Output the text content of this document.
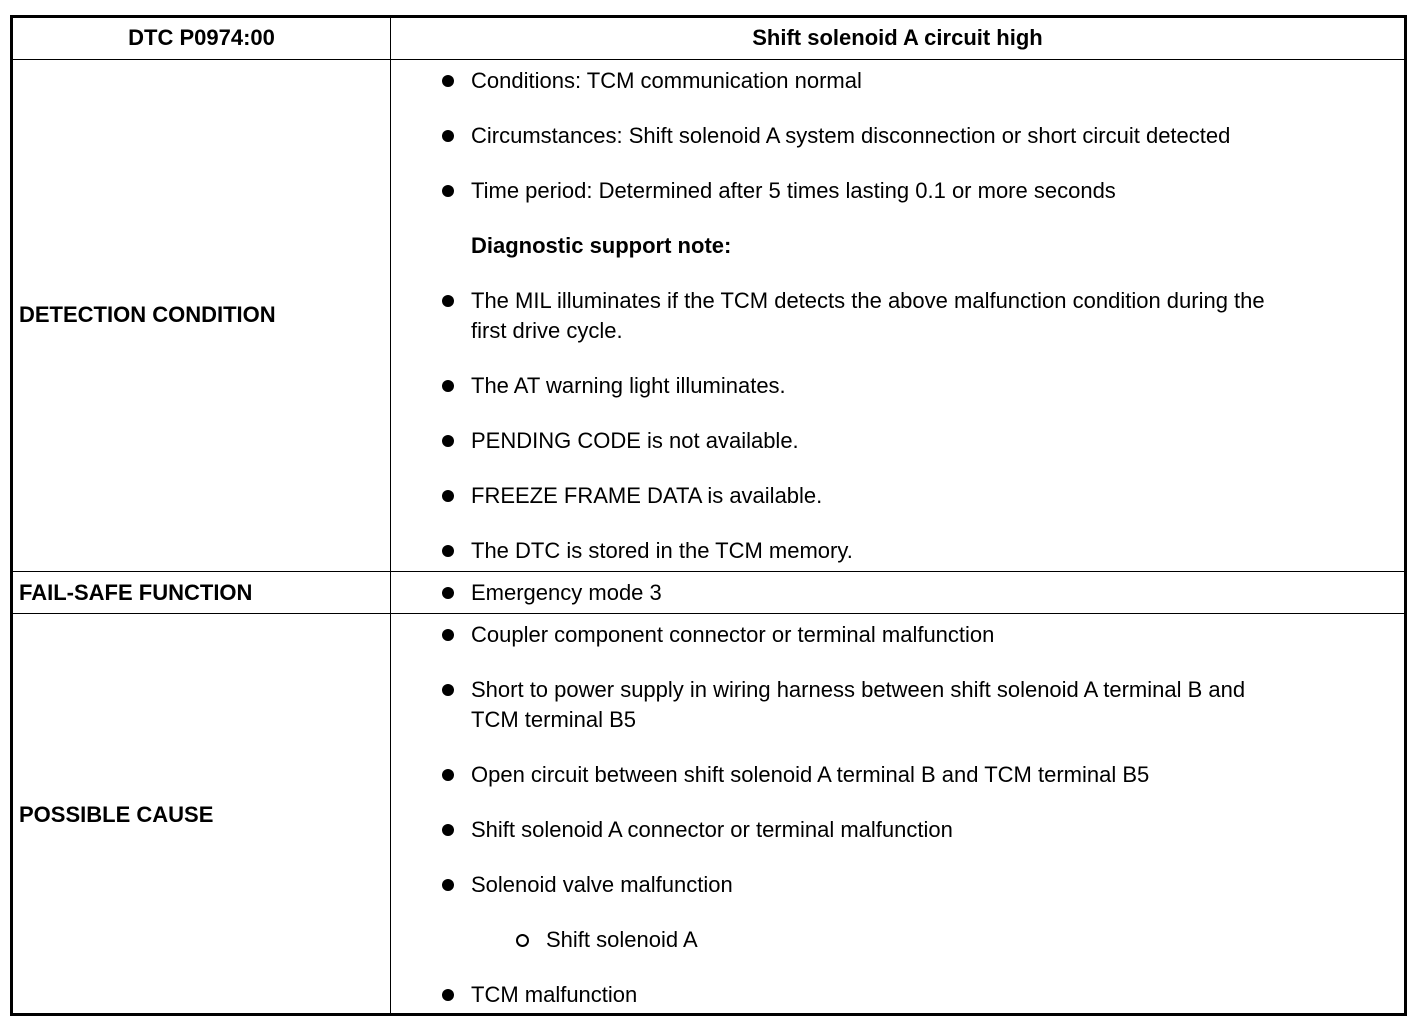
DTC P0974:00	Shift solenoid A circuit high
DETECTION CONDITION
Conditions: TCM communication normal
Circumstances: Shift solenoid A system disconnection or short circuit detected
Time period: Determined after 5 times lasting 0.1 or more seconds
Diagnostic support note:
The MIL illuminates if the TCM detects the above malfunction condition during the
first drive cycle.
The AT warning light illuminates.
PENDING CODE is not available.
FREEZE FRAME DATA is available.
The DTC is stored in the TCM memory.
FAIL-SAFE FUNCTION	Emergency mode 3
POSSIBLE CAUSE
Coupler component connector or terminal malfunction
Short to power supply in wiring harness between shift solenoid A terminal B and
TCM terminal B5
Open circuit between shift solenoid A terminal B and TCM terminal B5
Shift solenoid A connector or terminal malfunction
Solenoid valve malfunction
Shift solenoid A
TCM malfunction
